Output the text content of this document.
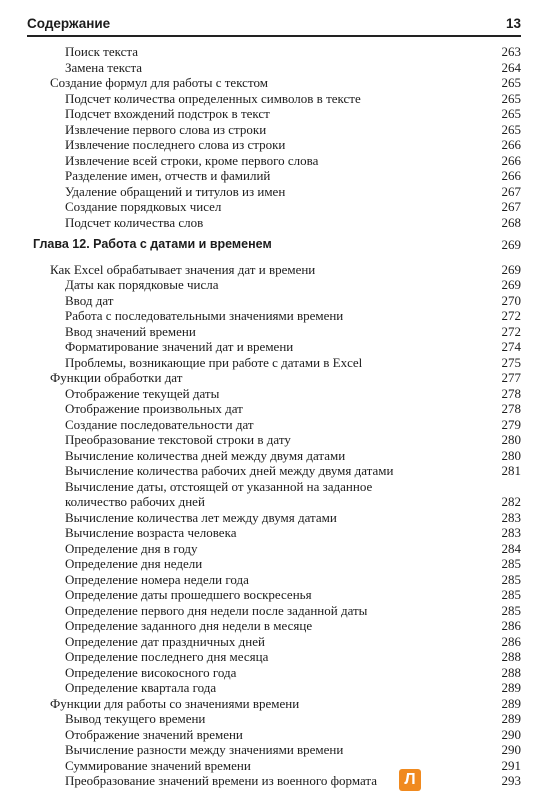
Содержание	13
Поиск текста	263
Замена текста	264
Создание формул для работы с текстом	265
Подсчет количества определенных символов в тексте	265
Подсчет вхождений подстрок в текст	265
Извлечение первого слова из строки	265
Извлечение последнего слова из строки	266
Извлечение всей строки, кроме первого слова	266
Разделение имен, отчеств и фамилий	266
Удаление обращений и титулов из имен	267
Создание порядковых чисел	267
Подсчет количества слов	268
Глава 12. Работа с датами и временем	269
Как Excel обрабатывает значения дат и времени	269
Даты как порядковые числа	269
Ввод дат	270
Работа с последовательными значениями времени	272
Ввод значений времени	272
Форматирование значений дат и времени	274
Проблемы, возникающие при работе с датами в Excel	275
Функции обработки дат	277
Отображение текущей даты	278
Отображение произвольных дат	278
Создание последовательности дат	279
Преобразование текстовой строки в дату	280
Вычисление количества дней между двумя датами	280
Вычисление количества рабочих дней между двумя датами	281
Вычисление даты, отстоящей от указанной на заданное
количество рабочих дней	282
Вычисление количества лет между двумя датами	283
Вычисление возраста человека	283
Определение дня в году	284
Определение дня недели	285
Определение номера недели года	285
Определение даты прошедшего воскресенья	285
Определение первого дня недели после заданной даты	285
Определение заданного дня недели в месяце	286
Определение дат праздничных дней	286
Определение последнего дня месяца	288
Определение високосного года	288
Определение квартала года	289
Функции для работы со значениями времени	289
Вывод текущего времени	289
Отображение значений времени	290
Вычисление разности между значениями времени	290
Суммирование значений времени	291
Преобразование значений времени из военного формата	293
Л
